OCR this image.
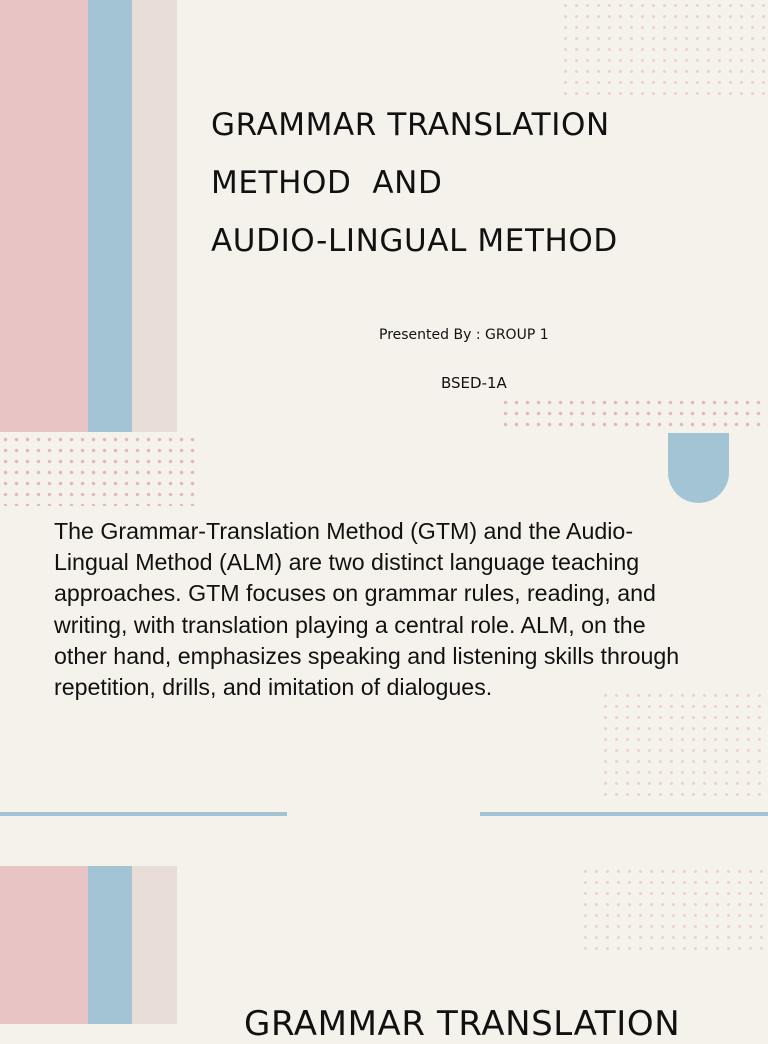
GRAMMAR TRANSLATION
METHOD  AND
AUDIO-LINGUAL METHOD
Presented By : GROUP 1
BSED-1A
The Grammar-Translation Method (GTM) and the Audio-Lingual Method (ALM) are two distinct language teaching approaches. GTM focuses on grammar rules, reading, and writing, with translation playing a central role. ALM, on the other hand, emphasizes speaking and listening skills through repetition, drills, and imitation of dialogues.
GRAMMAR TRANSLATION
